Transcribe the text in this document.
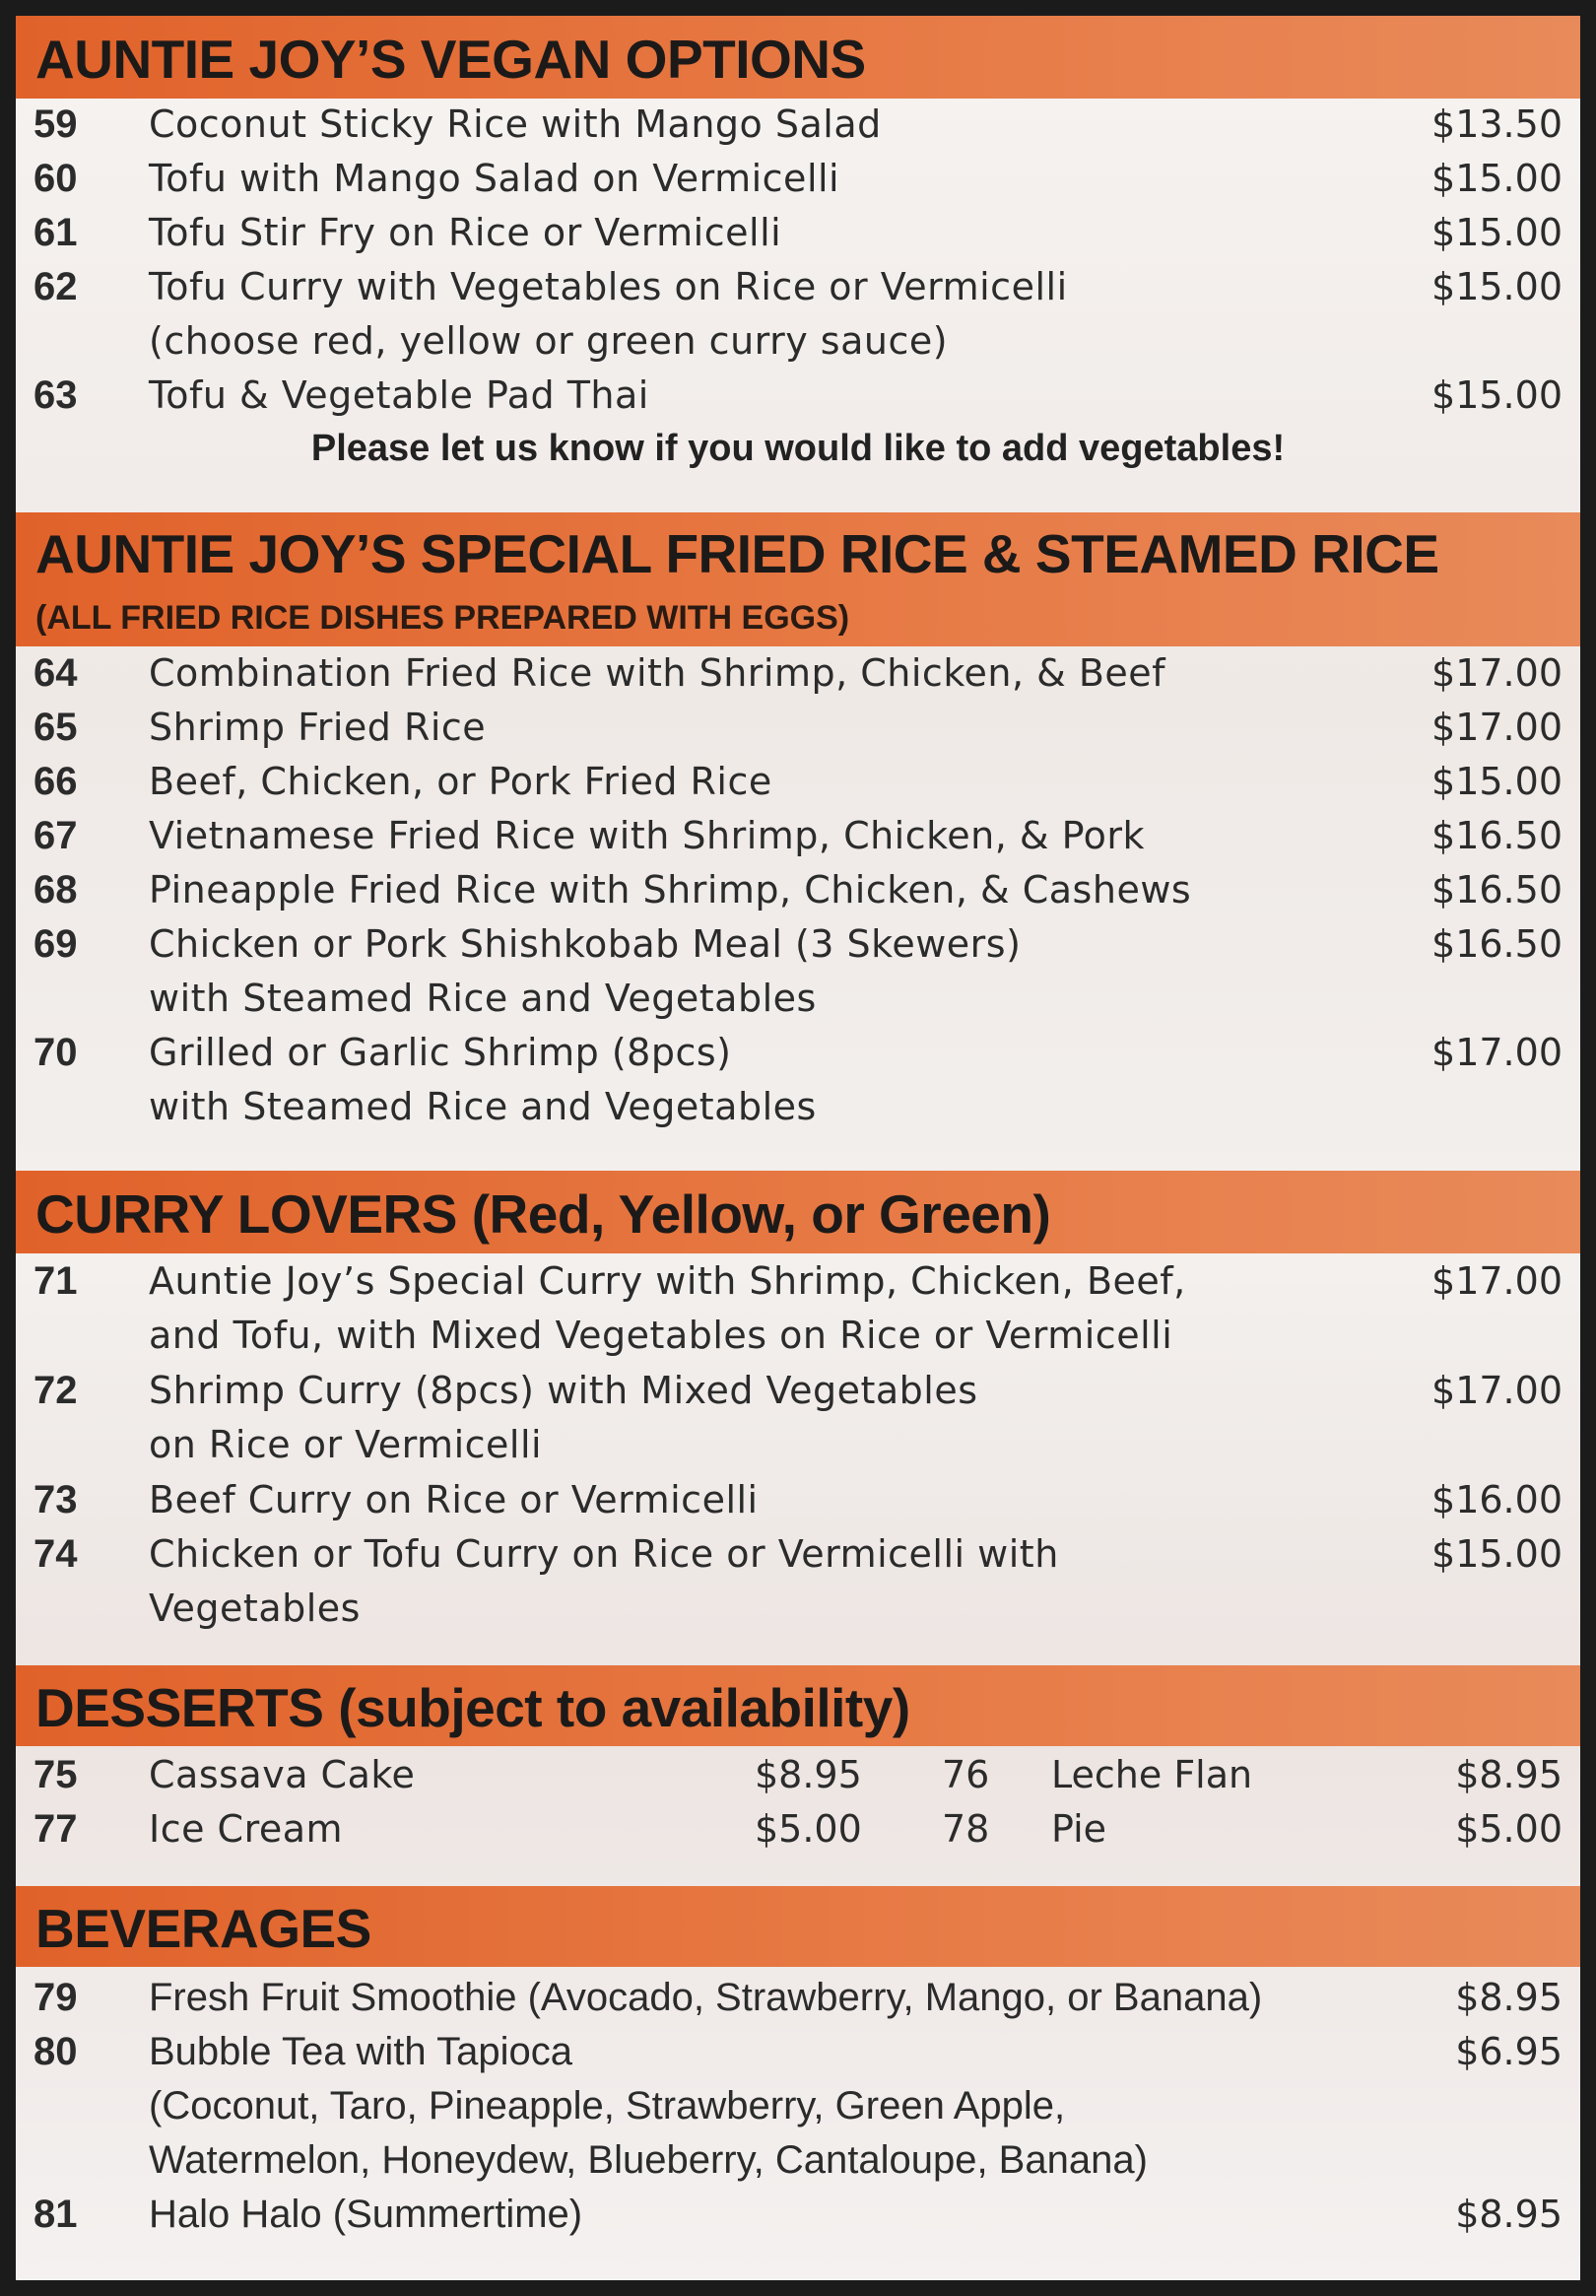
AUNTIE JOY’S VEGAN OPTIONS
59 Coconut Sticky Rice with Mango Salad	$13.50
60 Tofu with Mango Salad on Vermicelli	$15.00
61 Tofu Stir Fry on Rice or Vermicelli	$15.00
62 Tofu Curry with Vegetables on Rice or Vermicelli	$15.00
(choose red, yellow or green curry sauce)
63 Tofu & Vegetable Pad Thai	$15.00
Please let us know if you would like to add vegetables!
AUNTIE JOY’S SPECIAL FRIED RICE & STEAMED RICE
(ALL FRIED RICE DISHES PREPARED WITH EGGS)
64 Combination Fried Rice with Shrimp, Chicken, & Beef	$17.00
65 Shrimp Fried Rice	$17.00
66 Beef, Chicken, or Pork Fried Rice	$15.00
67 Vietnamese Fried Rice with Shrimp, Chicken, & Pork	$16.50
68 Pineapple Fried Rice with Shrimp, Chicken, & Cashews	$16.50
69 Chicken or Pork Shishkobab Meal (3 Skewers)	$16.50
with Steamed Rice and Vegetables
70 Grilled or Garlic Shrimp (8pcs)	$17.00
with Steamed Rice and Vegetables
CURRY LOVERS (Red, Yellow, or Green)
71 Auntie Joy’s Special Curry with Shrimp, Chicken, Beef,	$17.00
and Tofu, with Mixed Vegetables on Rice or Vermicelli
72 Shrimp Curry (8pcs) with Mixed Vegetables	$17.00
on Rice or Vermicelli
73 Beef Curry on Rice or Vermicelli	$16.00
74 Chicken or Tofu Curry on Rice or Vermicelli with	$15.00
Vegetables
DESSERTS (subject to availability)
75 Cassava Cake	$8.95 76 Leche Flan	$8.95
77 Ice Cream	$5.00 78 Pie	$5.00
BEVERAGES
79 Fresh Fruit Smoothie (Avocado, Strawberry, Mango, or Banana)	$8.95
80 Bubble Tea with Tapioca	$6.95
(Coconut, Taro, Pineapple, Strawberry, Green Apple,
Watermelon, Honeydew, Blueberry, Cantaloupe, Banana)
81 Halo Halo (Summertime)	$8.95
